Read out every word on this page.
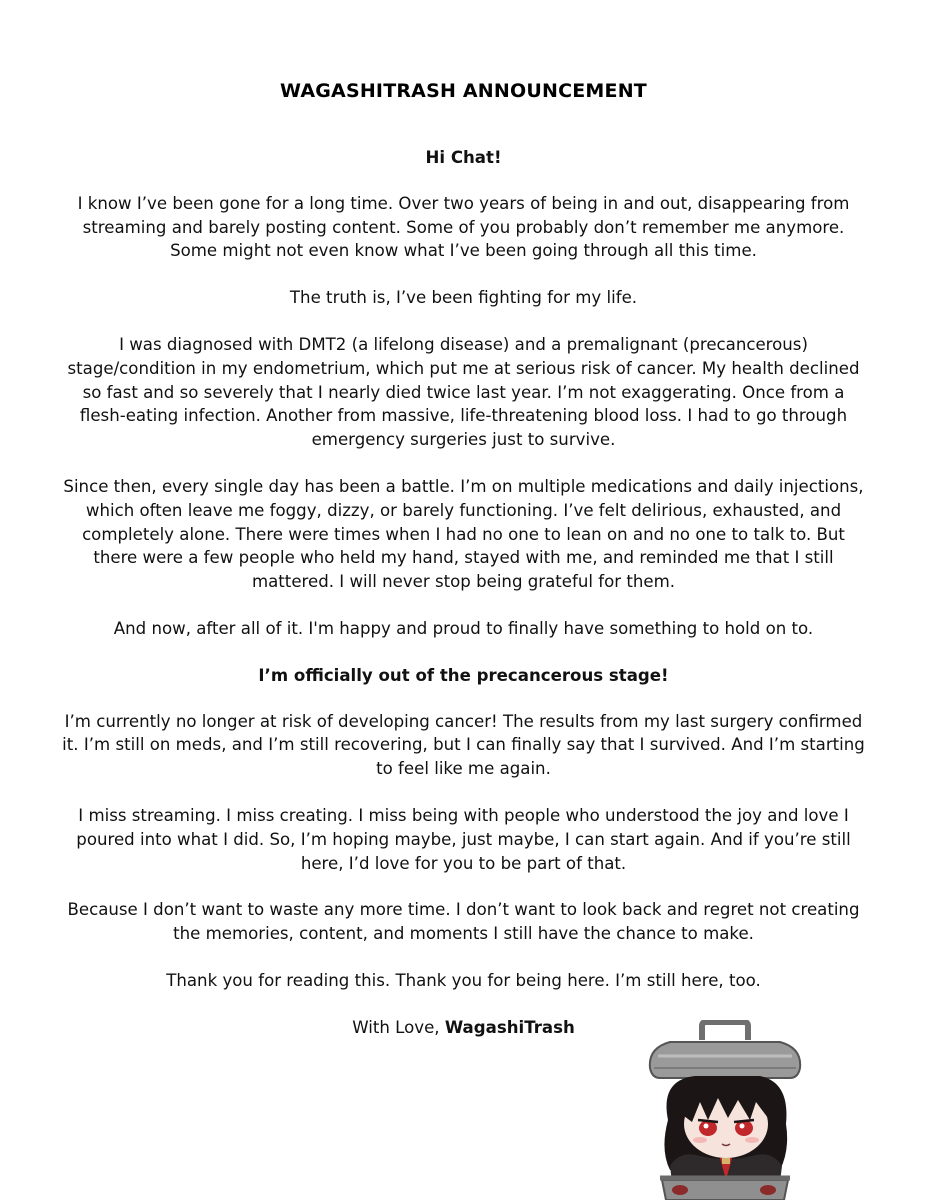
WAGASHITRASH ANNOUNCEMENT

Hi Chat!

I know I’ve been gone for a long time. Over two years of being in and out, disappearing from streaming and barely posting content. Some of you probably don’t remember me anymore. Some might not even know what I’ve been going through all this time.

The truth is, I’ve been fighting for my life.

I was diagnosed with DMT2 (a lifelong disease) and a premalignant (precancerous) stage/condition in my endometrium, which put me at serious risk of cancer. My health declined so fast and so severely that I nearly died twice last year. I’m not exaggerating. Once from a flesh-eating infection. Another from massive, life-threatening blood loss. I had to go through emergency surgeries just to survive.

Since then, every single day has been a battle. I’m on multiple medications and daily injections, which often leave me foggy, dizzy, or barely functioning. I’ve felt delirious, exhausted, and completely alone. There were times when I had no one to lean on and no one to talk to. But there were a few people who held my hand, stayed with me, and reminded me that I still mattered. I will never stop being grateful for them.

And now, after all of it. I'm happy and proud to finally have something to hold on to.

I’m officially out of the precancerous stage!

I’m currently no longer at risk of developing cancer! The results from my last surgery confirmed it. I’m still on meds, and I’m still recovering, but I can finally say that I survived. And I’m starting to feel like me again.

I miss streaming. I miss creating. I miss being with people who understood the joy and love I poured into what I did. So, I’m hoping maybe, just maybe, I can start again. And if you’re still here, I’d love for you to be part of that.

Because I don’t want to waste any more time. I don’t want to look back and regret not creating the memories, content, and moments I still have the chance to make.

Thank you for reading this. Thank you for being here. I’m still here, too.

With Love, WagashiTrash
